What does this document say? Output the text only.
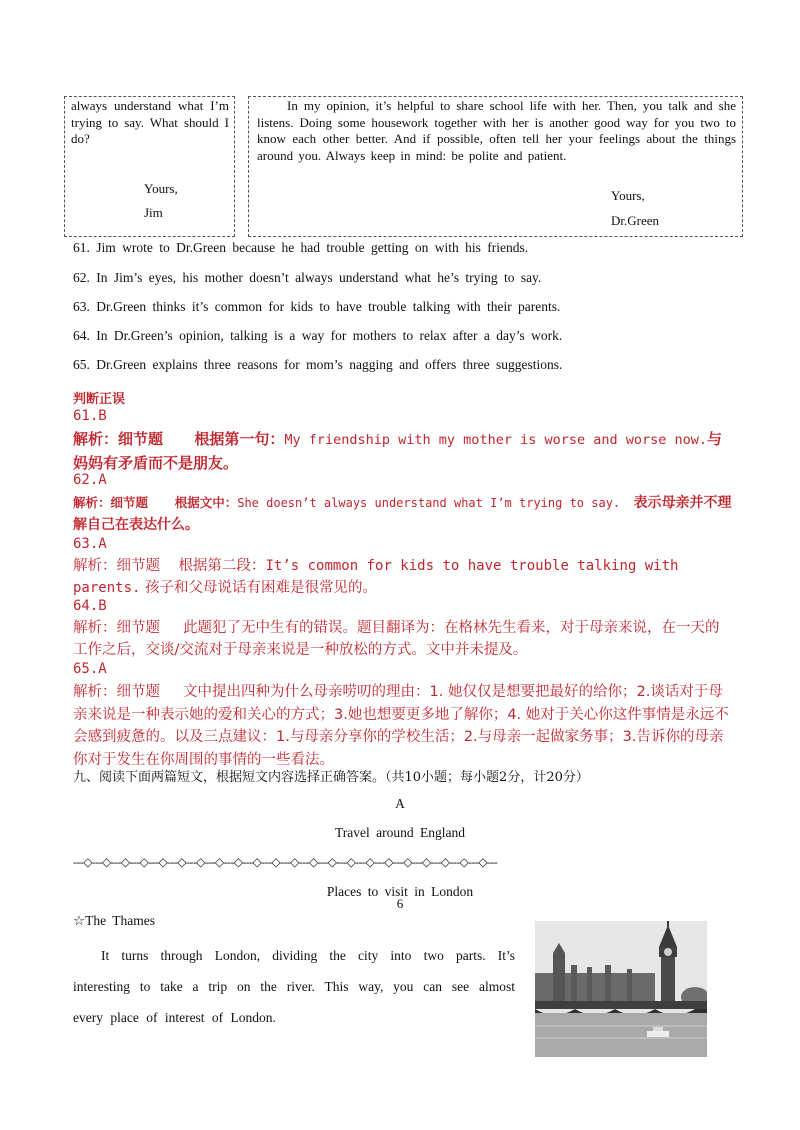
always understand what I’m trying to say. What should I do?
Yours,
Jim
In my opinion, it’s helpful to share school life with her. Then, you talk and she listens. Doing some housework together with her is another good way for you two to know each other better. And if possible, often tell her your feelings about the things around you. Always keep in mind: be polite and patient.
Yours,
Dr.Green
61. Jim wrote to Dr.Green because he had trouble getting on with his friends.
62. In Jim’s eyes, his mother doesn’t always understand what he’s trying to say.
63. Dr.Green thinks it’s common for kids to have trouble talking with their parents.
64. In Dr.Green’s opinion, talking is a way for mothers to relax after a day’s work.
65. Dr.Green explains three reasons for mom’s nagging and offers three suggestions.
判断正误
61.B
解析：细节题 根据第一句：My friendship with my mother is worse and worse now.与妈妈有矛盾而不是朋友。
62.A
解析：细节题 根据文中：She doesn’t always understand what I’m trying to say. 表示母亲并不理解自己在表达什么。
63.A
解析：细节题 根据第二段：It’s common for kids to have trouble talking with parents. 孩子和父母说话有困难是很常见的。
64.B
解析：细节题 此题犯了无中生有的错误。题目翻译为：在格林先生看来，对于母亲来说，在一天的工作之后，交谈/交流对于母亲来说是一种放松的方式。文中并未提及。
65.A
解析：细节题 文中提出四种为什么母亲唠叨的理由：1. 她仅仅是想要把最好的给你；2.谈话对于母亲来说是一种表示她的爱和关心的方式；3.她也想要更多地了解你；4. 她对于关心你这件事情是永远不会感到疲惫的。以及三点建议：1.与母亲分享你的学校生活；2.与母亲一起做家务事；3.告诉你的母亲你对于发生在你周围的事情的一些看法。
九、阅读下面两篇短文，根据短文内容选择正确答案。（共10小题；每小题2分，计20分）
A
Travel around England
---◇---◇---◇---◇---◇---◇---◇---◇---◇---◇---◇---◇---◇---◇---◇---◇---◇---◇---◇---◇---◇---◇---
Places to visit in London
6
☆The Thames
It turns through London, dividing the city into two parts. It’s interesting to take a trip on the river. This way, you can see almost every place of interest of London.
